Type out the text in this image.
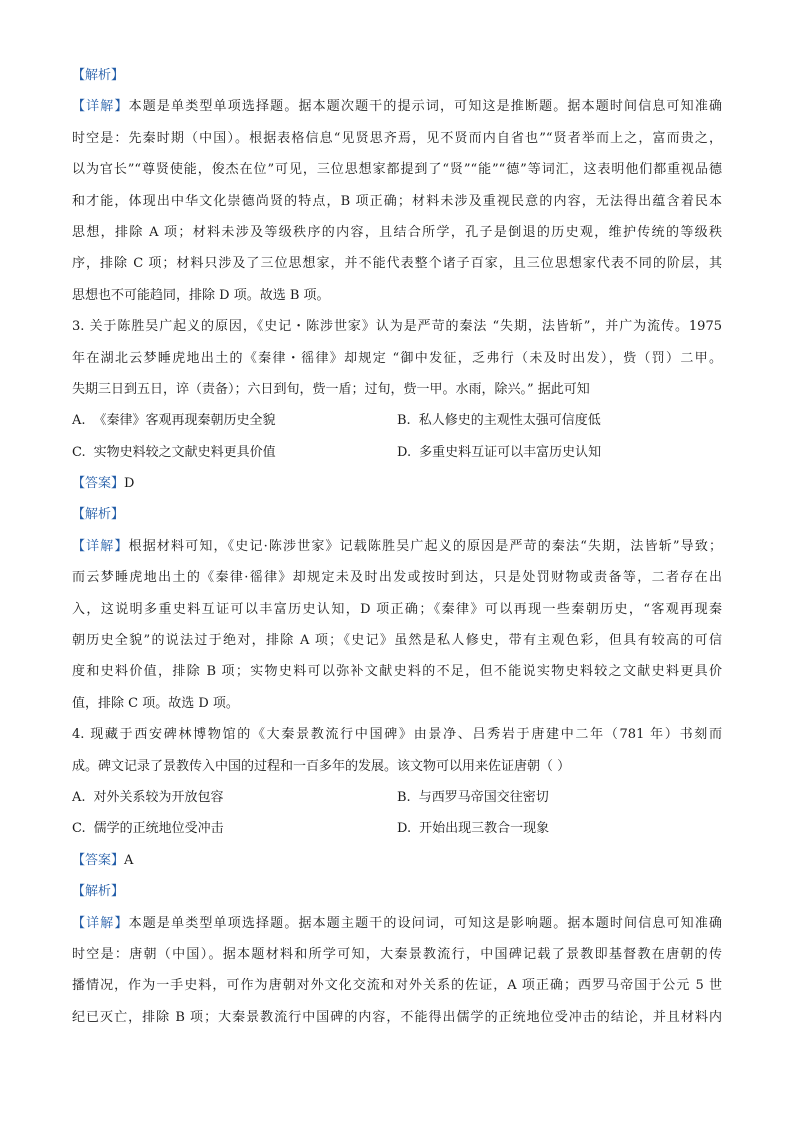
【解析】
【详解】本题是单类型单项选择题。据本题次题干的提示词，可知这是推断题。据本题时间信息可知准确
时空是：先秦时期（中国）。根据表格信息“见贤思齐焉，见不贤而内自省也”“贤者举而上之，富而贵之，
以为官长”“尊贤使能，俊杰在位”可见，三位思想家都提到了“贤”“能”“德”等词汇，这表明他们都重视品德
和才能，体现出中华文化崇德尚贤的特点，B 项正确；材料未涉及重视民意的内容，无法得出蕴含着民本
思想，排除 A 项；材料未涉及等级秩序的内容，且结合所学，孔子是倒退的历史观，维护传统的等级秩
序，排除 C 项；材料只涉及了三位思想家，并不能代表整个诸子百家，且三位思想家代表不同的阶层，其
思想也不可能趋同，排除 D 项。故选 B 项。
3. 关于陈胜吴广起义的原因，《史记・陈涉世家》认为是严苛的秦法 “失期，法皆斩”，并广为流传。1975
年在湖北云梦睡虎地出土的《秦律・徭律》却规定 “御中发征，乏弗行（未及时出发），赀（罚）二甲。
失期三日到五日，谇（责备）；六日到旬，赀一盾；过旬，赀一甲。水雨，除兴。” 据此可知
A. 《秦律》客观再现秦朝历史全貌	B. 私人修史的主观性太强可信度低
C. 实物史料较之文献史料更具价值	D. 多重史料互证可以丰富历史认知
【答案】D
【解析】
【详解】根据材料可知，《史记·陈涉世家》记载陈胜吴广起义的原因是严苛的秦法“失期，法皆斩”导致；
而云梦睡虎地出土的《秦律·徭律》却规定未及时出发或按时到达，只是处罚财物或责备等，二者存在出
入，这说明多重史料互证可以丰富历史认知，D 项正确；《秦律》可以再现一些秦朝历史，“客观再现秦
朝历史全貌”的说法过于绝对，排除 A 项；《史记》虽然是私人修史，带有主观色彩，但具有较高的可信
度和史料价值，排除 B 项；实物史料可以弥补文献史料的不足，但不能说实物史料较之文献史料更具价
值，排除 C 项。故选 D 项。
4. 现藏于西安碑林博物馆的《大秦景教流行中国碑》由景净、吕秀岩于唐建中二年（781 年）书刻而
成。碑文记录了景教传入中国的过程和一百多年的发展。该文物可以用来佐证唐朝（ ）
A. 对外关系较为开放包容	B. 与西罗马帝国交往密切
C. 儒学的正统地位受冲击	D. 开始出现三教合一现象
【答案】A
【解析】
【详解】本题是单类型单项选择题。据本题主题干的设问词，可知这是影响题。据本题时间信息可知准确
时空是：唐朝（中国）。据本题材料和所学可知，大秦景教流行，中国碑记载了景教即基督教在唐朝的传
播情况，作为一手史料，可作为唐朝对外文化交流和对外关系的佐证，A 项正确；西罗马帝国于公元 5 世
纪已灭亡，排除 B 项；大秦景教流行中国碑的内容，不能得出儒学的正统地位受冲击的结论，并且材料内
